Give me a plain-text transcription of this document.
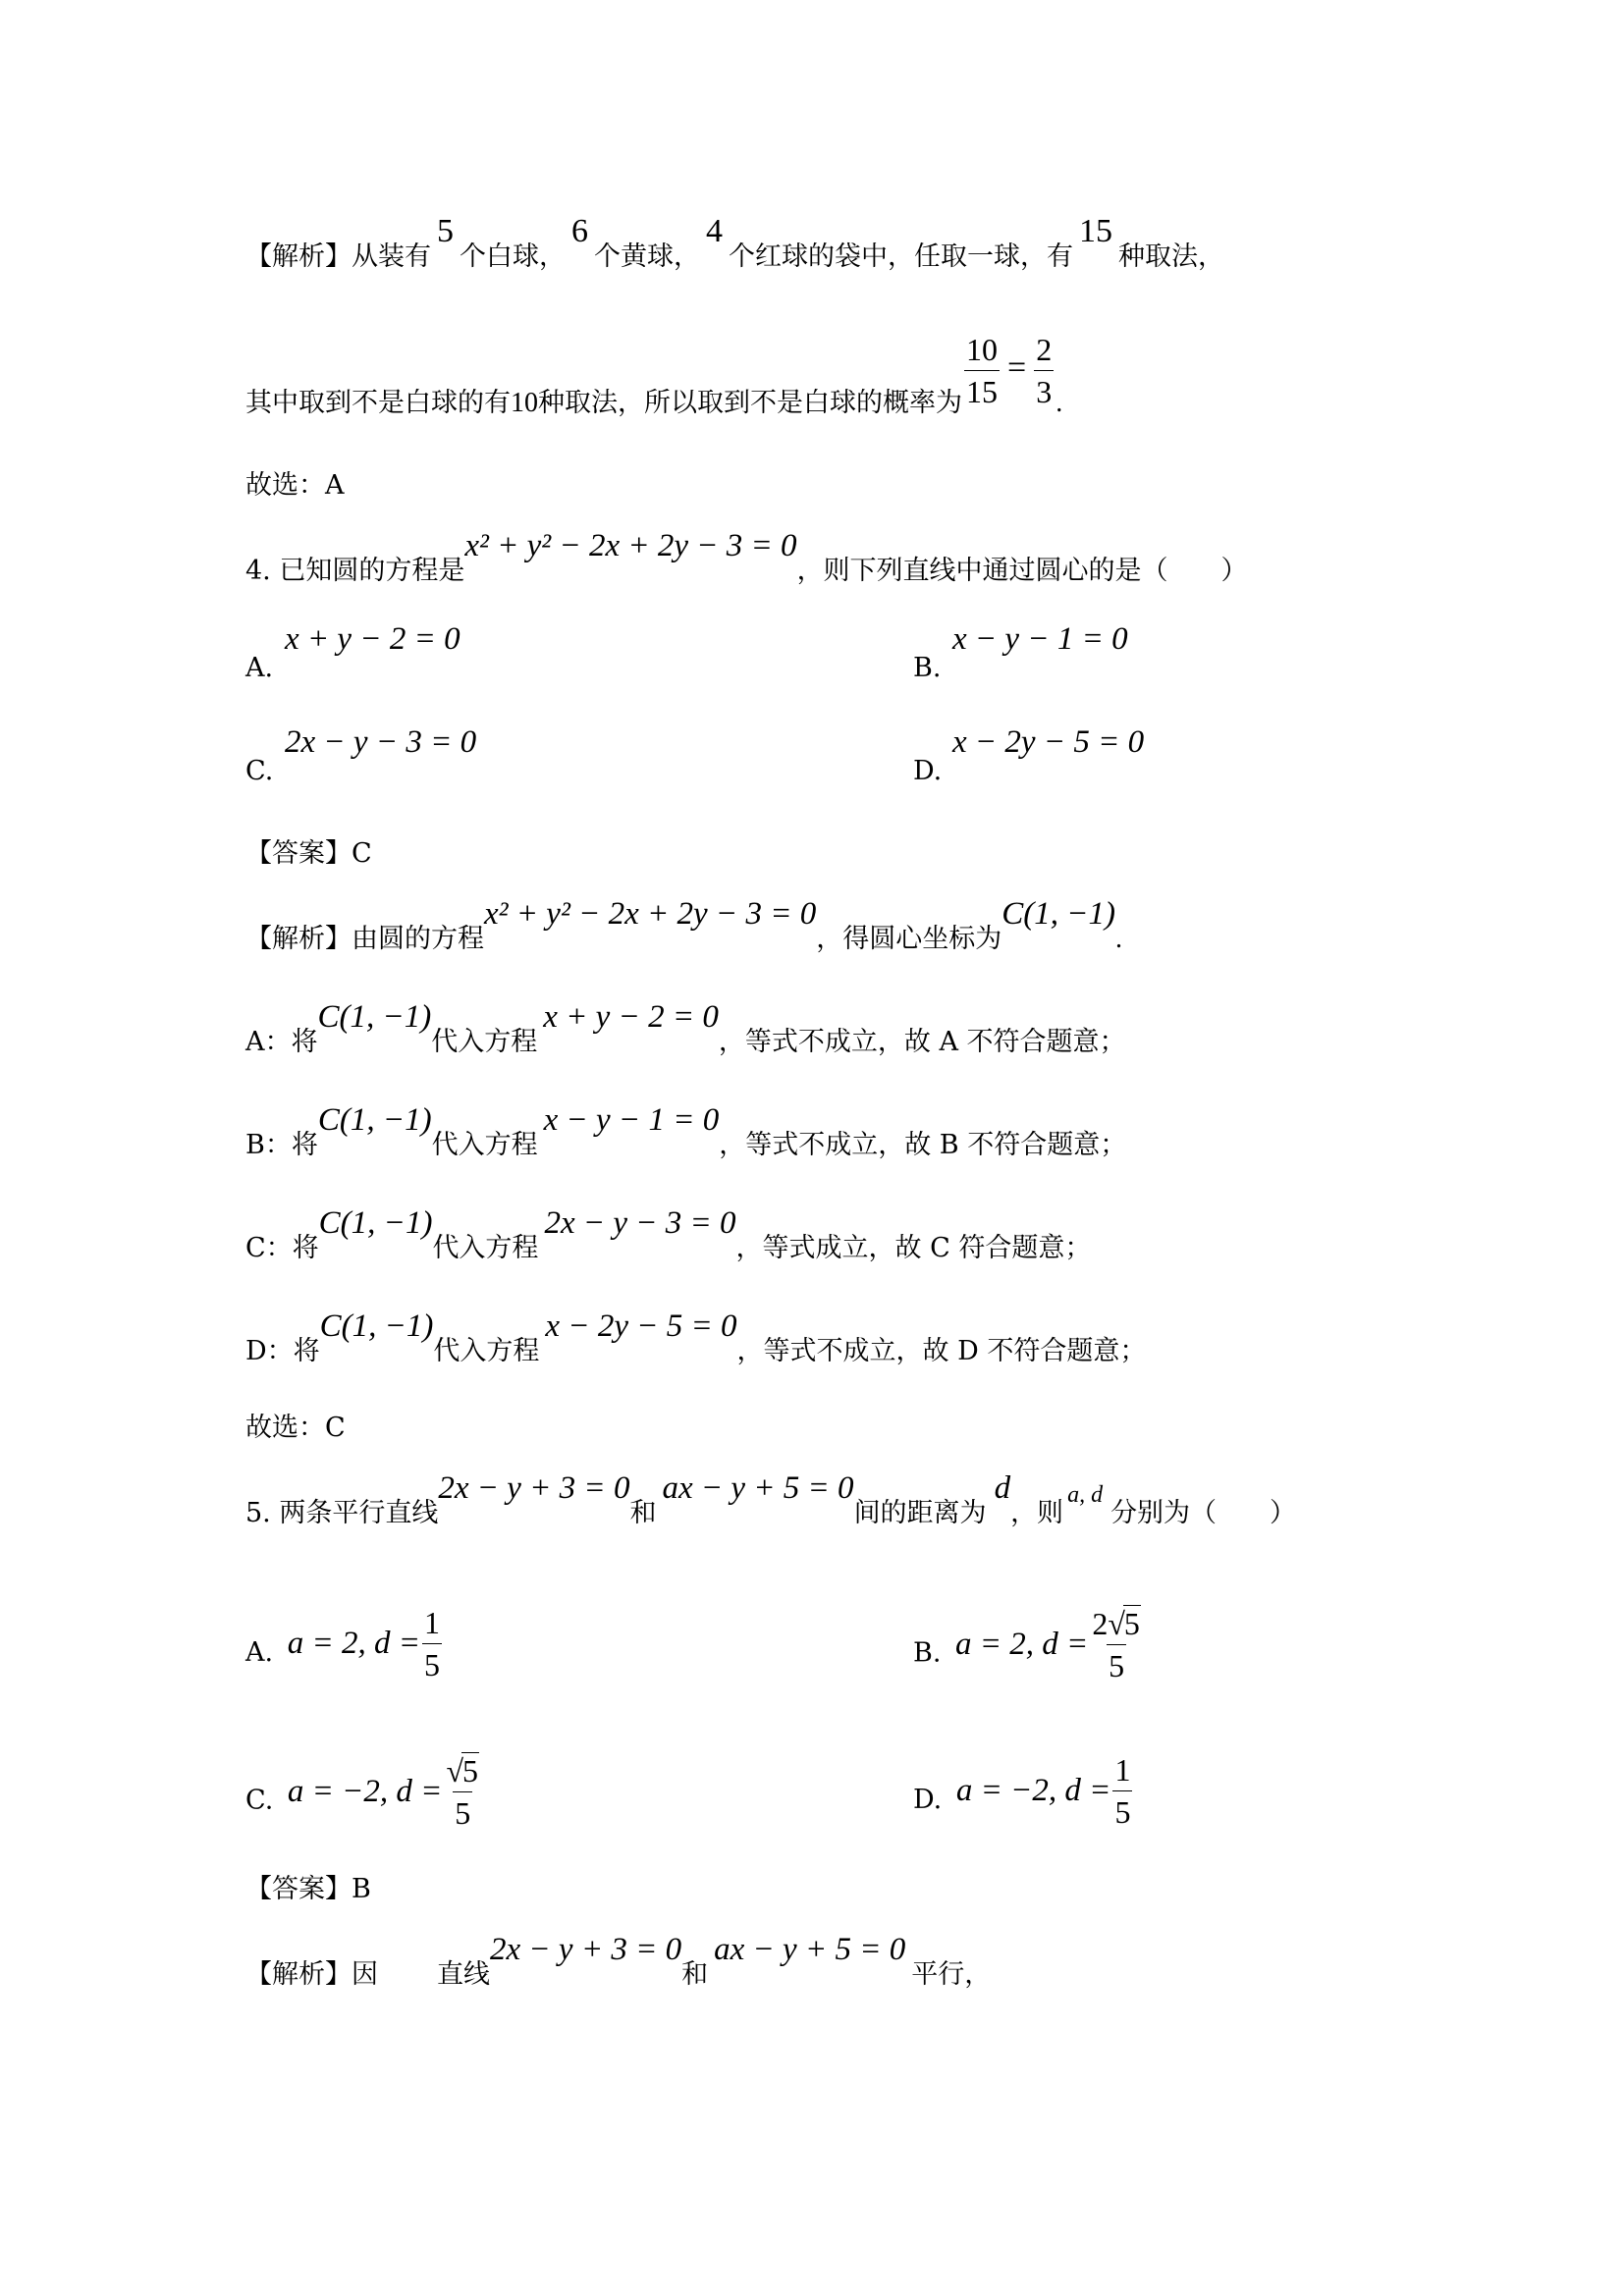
【解析】从装有5个白球，6个黄球，4个红球的袋中，任取一球，有15种取法，
其中取到不是白球的有10种取法，所以取到不是白球的概率为 $\frac{10}{15} = \frac{2}{3}$ .
故选：A
4. 已知圆的方程是x² + y² − 2x + 2y − 3 = 0，则下列直线中通过圆心的是（　　）
A.
x + y − 2 = 0
B.
x − y − 1 = 0
C.
2x − y − 3 = 0
D.
x − 2y − 5 = 0
【答案】C
【解析】由圆的方程x² + y² − 2x + 2y − 3 = 0，得圆心坐标为C(1, −1).
A：将C(1, −1)代入方程x + y − 2 = 0，等式不成立，故 A 不符合题意；
B：将C(1, −1)代入方程x − y − 1 = 0，等式不成立，故 B 不符合题意；
C：将C(1, −1)代入方程2x − y − 3 = 0，等式成立，故 C 符合题意；
D：将C(1, −1)代入方程x − 2y − 5 = 0，等式不成立，故 D 不符合题意；
故选：C
5. 两条平行直线2x − y + 3 = 0和ax − y + 5 = 0间的距离为d，则a, d分别为（　　）
A. a = 2, $d = \frac{1}{5}$	B. a = 2, $d = \frac{2√5}{5}$
C. a = −2, $d = \frac{√5}{5}$	D. a = −2, $d = \frac{1}{5}$
【答案】B
【解析】因 直线2x − y + 3 = 0和ax − y + 5 = 0平行，
